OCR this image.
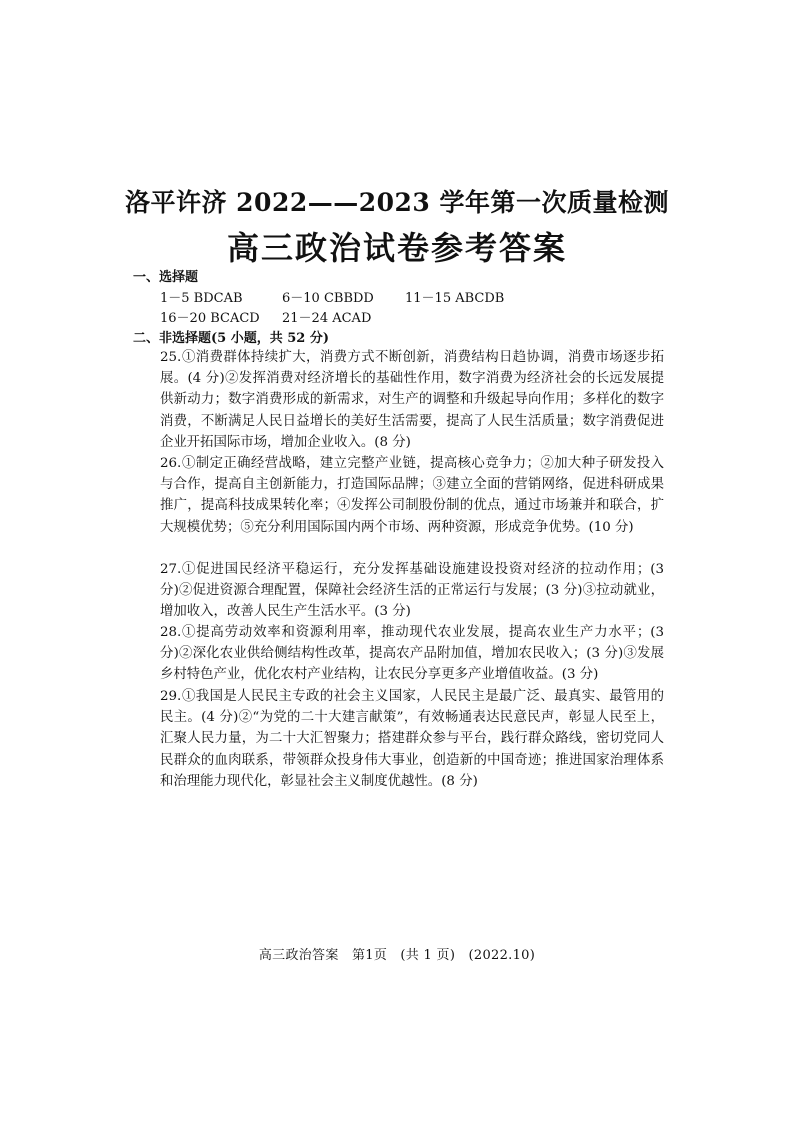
洛平许济 2022——2023 学年第一次质量检测
高三政治试卷参考答案
一、选择题
1－5 BDCAB	6－10 CBBDD 11－15 ABCDB
16－20 BCACD 21－24 ACAD
二、非选择题(5 小题，共 52 分)
25. ①消费群体持续扩大，消费方式不断创新，消费结构日趋协调，消费市场逐步拓展。(4 分)②发挥消费对经济增长的基础性作用，数字消费为经济社会的长远发展提供新动力；数字消费形成的新需求，对生产的调整和升级起导向作用；多样化的数字消费，不断满足人民日益增长的美好生活需要，提高了人民生活质量；数字消费促进企业开拓国际市场，增加企业收入。(8 分)
26. ①制定正确经营战略，建立完整产业链，提高核心竞争力；②加大种子研发投入与合作，提高自主创新能力，打造国际品牌；③建立全面的营销网络，促进科研成果推广，提高科技成果转化率；④发挥公司制股份制的优点，通过市场兼并和联合，扩大规模优势；⑤充分利用国际国内两个市场、两种资源，形成竞争优势。(10 分)
27. ①促进国民经济平稳运行，充分发挥基础设施建设投资对经济的拉动作用；(3 分)②促进资源合理配置，保障社会经济生活的正常运行与发展；(3 分)③拉动就业，增加收入，改善人民生产生活水平。(3 分)
28. ①提高劳动效率和资源利用率，推动现代农业发展，提高农业生产力水平；(3 分)②深化农业供给侧结构性改革，提高农产品附加值，增加农民收入；(3 分)③发展乡村特色产业，优化农村产业结构，让农民分享更多产业增值收益。(3 分)
29. ①我国是人民民主专政的社会主义国家，人民民主是最广泛、最真实、最管用的民主。(4 分)②“为党的二十大建言献策”，有效畅通表达民意民声，彰显人民至上，汇聚人民力量，为二十大汇智聚力；搭建群众参与平台，践行群众路线，密切党同人民群众的血肉联系，带领群众投身伟大事业，创造新的中国奇迹；推进国家治理体系和治理能力现代化，彰显社会主义制度优越性。(8 分)
高三政治答案　第1页　(共 1 页)　(2022.10)
